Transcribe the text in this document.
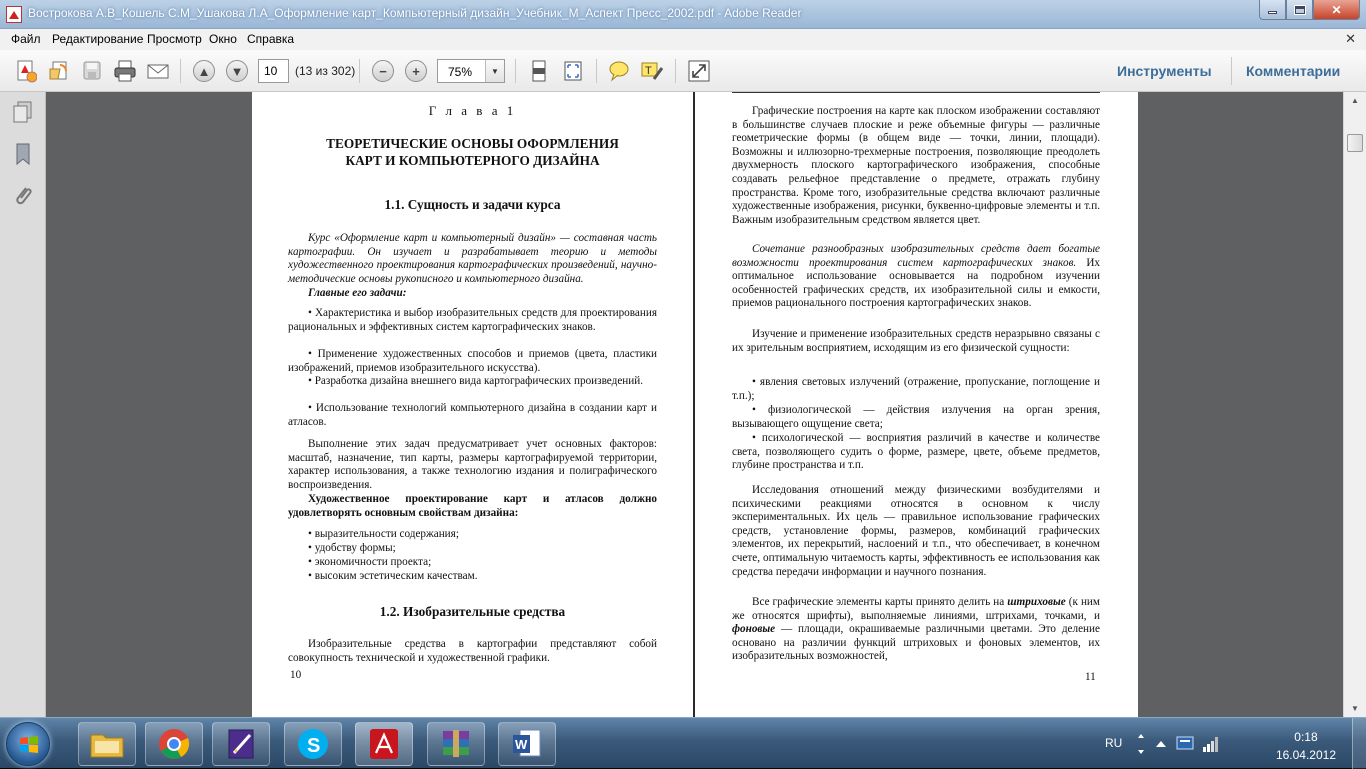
Вострокова А.В_Кошель С.М_Ушакова Л.А_Оформление карт_Компьютерный дизайн_Учебник_М_Аспект Пресс_2002.pdf - Adobe Reader	✕
Файл Редактирование Просмотр Окно Справка	✕
▲	▼	−	+	T
10	(13 из 302)	75%	▼	Инструменты Комментарии
Г л а в а 1
ТЕОРЕТИЧЕСКИЕ ОСНОВЫ ОФОРМЛЕНИЯ
КАРТ И КОМПЬЮТЕРНОГО ДИЗАЙНА
1.1. Сущность и задачи курса
Курс «Оформление карт и компьютерный дизайн» — составная часть картографии. Он изучает и разрабатывает теорию и методы художественного проектирования картографических произведений, научно-методические основы рукописного и компьютерного дизайна.
Главные его задачи:
• Характеристика и выбор изобразительных средств для проектирования рациональных и эффективных систем картографических знаков.
• Применение художественных способов и приемов (цвета, пластики изображений, приемов изобразительного искусства).
• Разработка дизайна внешнего вида картографических произведений.
• Использование технологий компьютерного дизайна в создании карт и атласов.
Выполнение этих задач предусматривает учет основных факторов: масштаб, назначение, тип карты, размеры картографируемой территории, характер использования, а также технологию издания и полиграфического воспроизведения.
Художественное проектирование карт и атласов должно удовлетворять основным свойствам дизайна:
• выразительности содержания;
• удобству формы;
• экономичности проекта;
• высоким эстетическим качествам.
1.2. Изобразительные средства
Изобразительные средства в картографии представляют собой совокупность технической и художественной графики.
10
Графические построения на карте как плоском изображении составляют в большинстве случаев плоские и реже объемные фигуры — различные геометрические формы (в общем виде — точки, линии, площади). Возможны и иллюзорно-трехмерные построения, позволяющие преодолеть двухмерность плоского картографического изображения, способные создавать рельефное представление о предмете, отражать глубину пространства. Кроме того, изобразительные средства включают различные художественные изображения, рисунки, буквенно-цифровые элементы и т.п. Важным изобразительным средством является цвет.
Сочетание разнообразных изобразительных средств дает богатые возможности проектирования систем картографических знаков. Их оптимальное использование основывается на подробном изучении особенностей графических средств, их изобразительной силы и емкости, приемов рационального построения картографических знаков.
Изучение и применение изобразительных средств неразрывно связаны с их зрительным восприятием, исходящим из его физической сущности:
• явления световых излучений (отражение, пропускание, поглощение и т.п.);
• физиологической — действия излучения на орган зрения, вызывающего ощущение света;
• психологической — восприятия различий в качестве и количестве света, позволяющего судить о форме, размере, цвете, объеме предметов, глубине пространства и т.п.
Исследования отношений между физическими возбудителями и психическими реакциями относятся в основном к числу экспериментальных. Их цель — правильное использование графических средств, установление формы, размеров, комбинаций графических элементов, их перекрытий, наслоений и т.п., что обеспечивает, в конечном счете, оптимальную читаемость карты, эффективность ее использования как средства передачи информации и научного познания.
Все графические элементы карты принято делить на штриховые (к ним же относятся шрифты), выполняемые линиями, штрихами, точками, и фоновые — площади, окрашиваемые различными цветами. Это деление основано на различии функций штриховых и фоновых элементов, их изобразительных возможностей,
11
▲
▼
S	W	RU	0:18
16.04.2012
